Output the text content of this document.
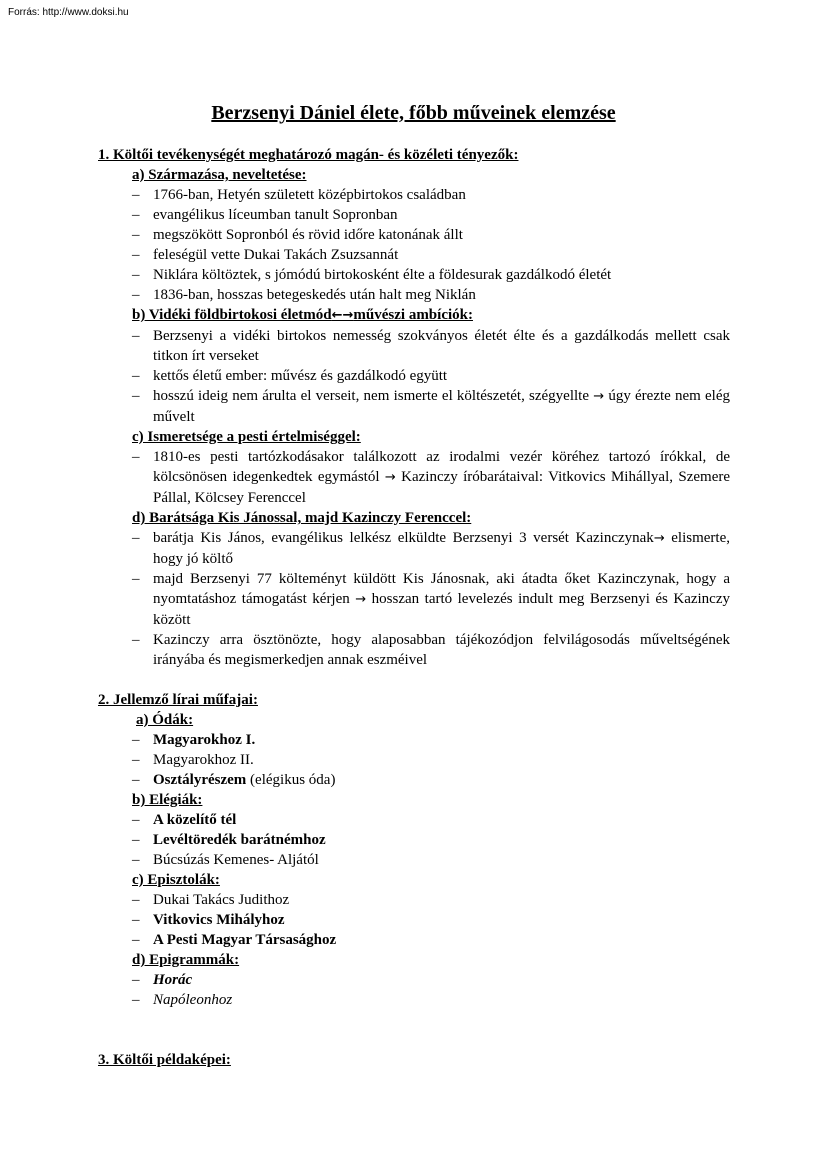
Forrás: http://www.doksi.hu
Berzsenyi Dániel élete, főbb műveinek elemzése
1. Költői tevékenységét meghatározó magán- és közéleti tényezők:
a) Származása, neveltetése:
– 1766-ban, Hetyén született középbirtokos családban
– evangélikus líceumban tanult Sopronban
– megszökött Sopronból és rövid időre katonának állt
– feleségül vette Dukai Takách Zsuzsannát
– Niklára költöztek, s jómódú birtokosként élte a földesurak gazdálkodó életét
– 1836-ban, hosszas betegeskedés után halt meg Niklán
b) Vidéki földbirtokosi életmód←→művészi ambíciók:
– Berzsenyi a vidéki birtokos nemesség szokványos életét élte és a gazdálkodás mellett csak titkon írt verseket
– kettős életű ember: művész és gazdálkodó együtt
– hosszú ideig nem árulta el verseit, nem ismerte el költészetét, szégyellte → úgy érezte nem elég művelt
c) Ismeretsége a pesti értelmiséggel:
– 1810-es pesti tartózkodásakor találkozott az irodalmi vezér köréhez tartozó írókkal, de kölcsönösen idegenkedtek egymástól → Kazinczy íróbarátaival: Vitkovics Mihállyal, Szemere Pállal, Kölcsey Ferenccel
d) Barátsága Kis Jánossal, majd Kazinczy Ferenccel:
– barátja Kis János, evangélikus lelkész elküldte Berzsenyi 3 versét Kazinczynak→ elismerte, hogy jó költő
– majd Berzsenyi 77 költeményt küldött Kis Jánosnak, aki átadta őket Kazinczynak, hogy a nyomtatáshoz támogatást kérjen → hosszan tartó levelezés indult meg Berzsenyi és Kazinczy között
– Kazinczy arra ösztönözte, hogy alaposabban tájékozódjon felvilágosodás műveltségének irányába és megismerkedjen annak eszméivel
2. Jellemző lírai műfajai:
a) Ódák:
– Magyarokhoz I.
– Magyarokhoz II.
– Osztályrészem (elégikus óda)
b) Elégiák:
– A közelítő tél
– Levéltöredék barátnémhoz
– Búcsúzás Kemenes- Aljától
c) Episztolák:
– Dukai Takács Judithoz
– Vitkovics Mihályhoz
– A Pesti Magyar Társasághoz
d) Epigrammák:
– Horác
– Napóleonhoz
3. Költői példaképei:
